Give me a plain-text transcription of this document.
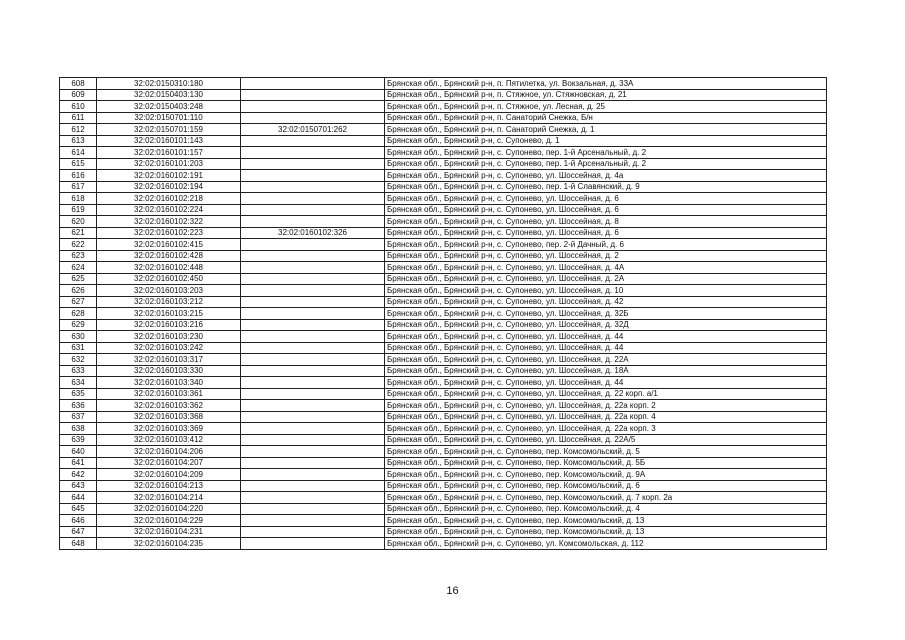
608	32:02:0150310:180		Брянская обл., Брянский р-н, п. Пятилетка, ул. Вокзальная, д. 33А
609	32:02:0150403:130		Брянская обл., Брянский р-н, п. Стяжное, ул. Стяжновская, д. 21
610	32:02:0150403:248		Брянская обл., Брянский р-н, п. Стяжное, ул. Лесная, д. 25
611	32:02:0150701:110		Брянская обл., Брянский р-н, п. Санаторий Снежка, Б/н
612	32:02:0150701:159	32:02:0150701:262	Брянская обл., Брянский р-н, п. Санаторий Снежка, д. 1
613	32:02:0160101:143		Брянская обл., Брянский р-н, с. Супонево, д. 1
614	32:02:0160101:157		Брянская обл., Брянский р-н, с. Супонево, пер. 1-й Арсенальный, д. 2
615	32:02:0160101:203		Брянская обл., Брянский р-н, с. Супонево, пер. 1-й Арсенальный, д. 2
616	32:02:0160102:191		Брянская обл., Брянский р-н, с. Супонево, ул. Шоссейная, д. 4а
617	32:02:0160102:194		Брянская обл., Брянский р-н, с. Супонево, пер. 1-й Славянский, д. 9
618	32:02:0160102:218		Брянская обл., Брянский р-н, с. Супонево, ул. Шоссейная, д. 6
619	32:02:0160102:224		Брянская обл., Брянский р-н, с. Супонево, ул. Шоссейная, д. 6
620	32:02:0160102:322		Брянская обл., Брянский р-н, с. Супонево, ул. Шоссейная, д. 8
621	32:02:0160102:223	32:02:0160102:326	Брянская обл., Брянский р-н, с. Супонево, ул. Шоссейная, д. 6
622	32:02:0160102:415		Брянская обл., Брянский р-н, с. Супонево, пер. 2-й Дачный, д. 6
623	32:02:0160102:428		Брянская обл., Брянский р-н, с. Супонево, ул. Шоссейная, д. 2
624	32:02:0160102:448		Брянская обл., Брянский р-н, с. Супонево, ул. Шоссейная, д. 4А
625	32:02:0160102:450		Брянская обл., Брянский р-н, с. Супонево, ул. Шоссейная, д. 2А
626	32:02:0160103:203		Брянская обл., Брянский р-н, с. Супонево, ул. Шоссейная, д. 10
627	32:02:0160103:212		Брянская обл., Брянский р-н, с. Супонево, ул. Шоссейная, д. 42
628	32:02:0160103:215		Брянская обл., Брянский р-н, с. Супонево, ул. Шоссейная, д. 32Б
629	32:02:0160103:216		Брянская обл., Брянский р-н, с. Супонево, ул. Шоссейная, д. 32Д
630	32:02:0160103:230		Брянская обл., Брянский р-н, с. Супонево, ул. Шоссейная, д. 44
631	32:02:0160103:242		Брянская обл., Брянский р-н, с. Супонево, ул. Шоссейная, д. 44
632	32:02:0160103:317		Брянская обл., Брянский р-н, с. Супонево, ул. Шоссейная, д. 22А
633	32:02:0160103:330		Брянская обл., Брянский р-н, с. Супонево, ул. Шоссейная, д. 18А
634	32:02:0160103:340		Брянская обл., Брянский р-н, с. Супонево, ул. Шоссейная, д. 44
635	32:02:0160103:361		Брянская обл., Брянский р-н, с. Супонево, ул. Шоссейная, д. 22 корп. а/1
636	32:02:0160103:362		Брянская обл., Брянский р-н, с. Супонево, ул. Шоссейная, д. 22а корп. 2
637	32:02:0160103:368		Брянская обл., Брянский р-н, с. Супонево, ул. Шоссейная, д. 22а корп. 4
638	32:02:0160103:369		Брянская обл., Брянский р-н, с. Супонево, ул. Шоссейная, д. 22а корп. 3
639	32:02:0160103:412		Брянская обл., Брянский р-н, с. Супонево, ул. Шоссейная, д. 22А/5
640	32:02:0160104:206		Брянская обл., Брянский р-н, с. Супонево, пер. Комсомольский, д. 5
641	32:02:0160104:207		Брянская обл., Брянский р-н, с. Супонево, пер. Комсомольский, д. 5Б
642	32:02:0160104:209		Брянская обл., Брянский р-н, с. Супонево, пер. Комсомольский, д. 9А
643	32:02:0160104:213		Брянская обл., Брянский р-н, с. Супонево, пер. Комсомольский, д. 6
644	32:02:0160104:214		Брянская обл., Брянский р-н, с. Супонево, пер. Комсомольский, д. 7 корп. 2а
645	32:02:0160104:220		Брянская обл., Брянский р-н, с. Супонево, пер. Комсомольский, д. 4
646	32:02:0160104:229		Брянская обл., Брянский р-н, с. Супонево, пер. Комсомольский, д. 13
647	32:02:0160104:231		Брянская обл., Брянский р-н, с. Супонево, пер. Комсомольский, д. 13
648	32:02:0160104:235		Брянская обл., Брянский р-н, с. Супонево, ул. Комсомольская, д. 112
16
